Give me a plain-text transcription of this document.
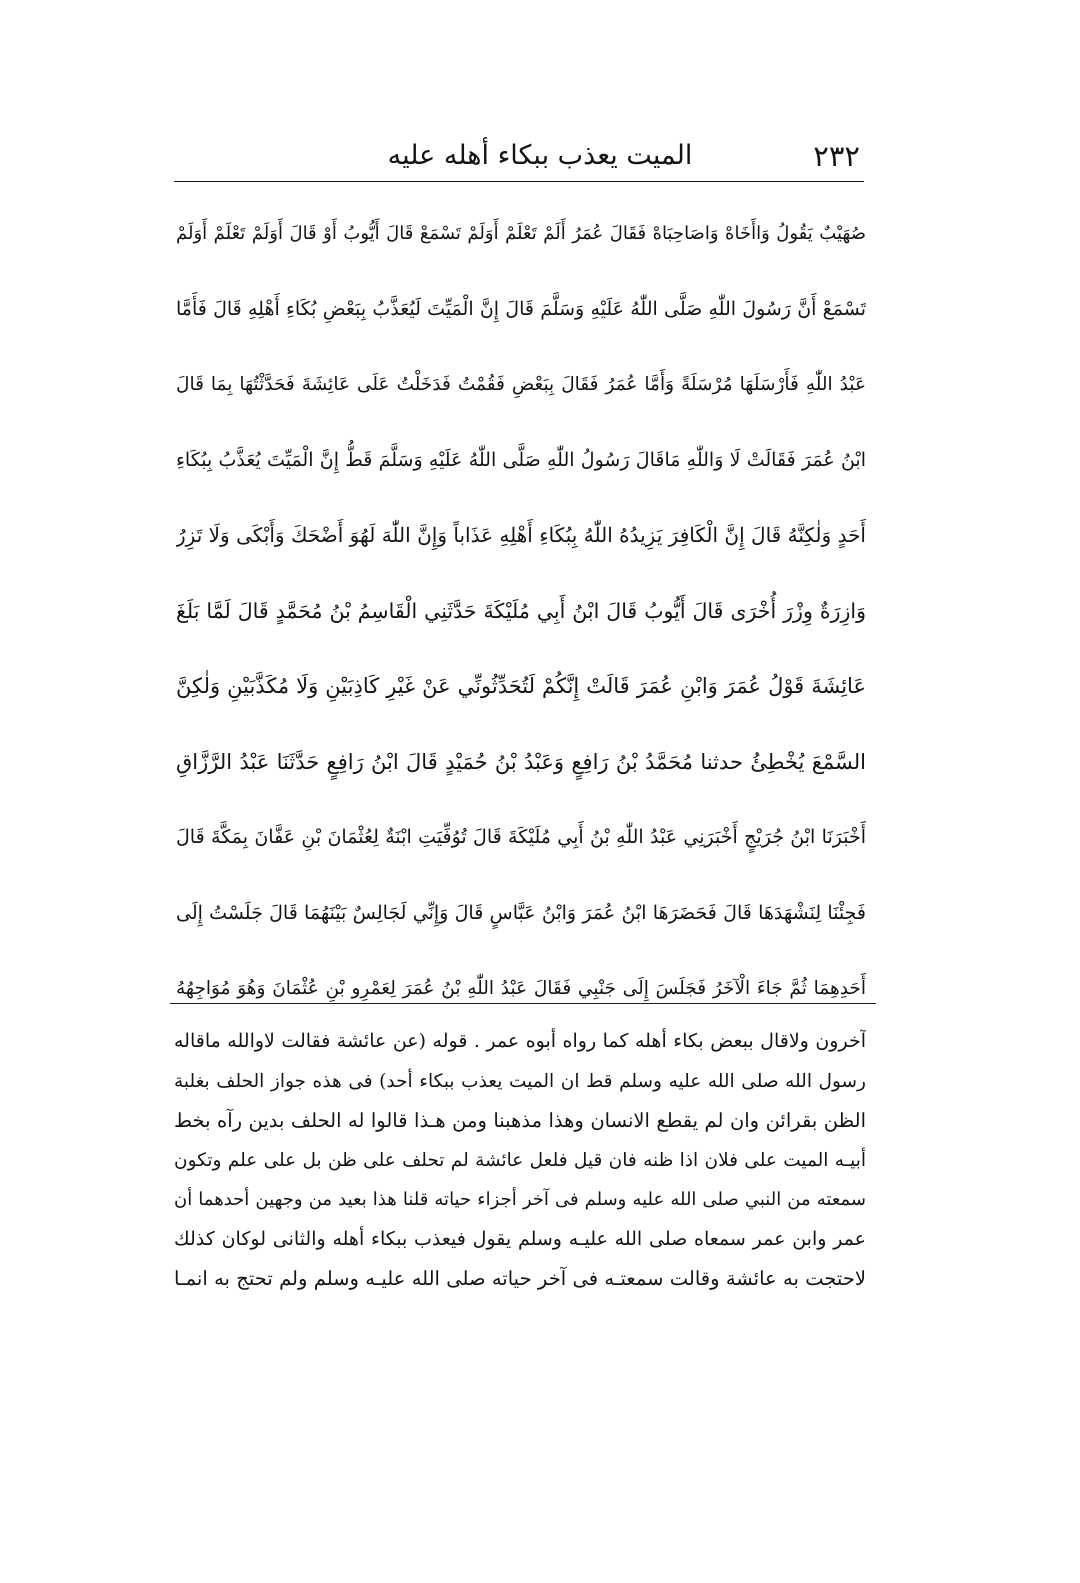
٢٣٢
الميت يعذب ببكاء أهله عليه
صُهَيْبٌ يَقُولُ وَاأَخَاهْ وَاصَاحِبَاهْ فَقَالَ عُمَرُ أَلَمْ تَعْلَمْ أَوَلَمْ تَسْمَعْ قَالَ أَيُّوبُ أَوْ قَالَ أَوَلَمْ تَعْلَمْ أَوَلَمْ
تَسْمَعْ أَنَّ رَسُولَ اللّٰهِ صَلَّى اللّٰهُ عَلَيْهِ وَسَلَّمَ قَالَ إِنَّ الْمَيِّتَ لَيُعَذَّبُ بِبَعْضِ بُكَاءِ أَهْلِهِ قَالَ فَأَمَّا
عَبْدُ اللّٰهِ فَأَرْسَلَهَا مُرْسَلَةً وَأَمَّا عُمَرُ فَقَالَ بِبَعْضِ فَقُمْتُ فَدَخَلْتُ عَلَى عَائِشَةَ فَحَدَّثْتُهَا بِمَا قَالَ
ابْنُ عُمَرَ فَقَالَتْ لَا وَاللّٰهِ مَاقَالَ رَسُولُ اللّٰهِ صَلَّى اللّٰهُ عَلَيْهِ وَسَلَّمَ قَطُّ إِنَّ الْمَيِّتَ يُعَذَّبُ بِبُكَاءِ
أَحَدٍ وَلٰكِنَّهُ قَالَ إِنَّ الْكَافِرَ يَزِيدُهُ اللّٰهُ بِبُكَاءِ أَهْلِهِ عَذَاباً وَإِنَّ اللّٰهَ لَهُوَ أَضْحَكَ وَأَبْكَى وَلَا تَزِرُ
وَازِرَةٌ وِزْرَ أُخْرَى قَالَ أَيُّوبُ قَالَ ابْنُ أَبِي مُلَيْكَةَ حَدَّثَنِي الْقَاسِمُ بْنُ مُحَمَّدٍ قَالَ لَمَّا بَلَغَ
عَائِشَةَ قَوْلُ عُمَرَ وَابْنِ عُمَرَ قَالَتْ إِنَّكُمْ لَتُحَدِّثُونِّي عَنْ غَيْرِ كَاذِبَيْنِ وَلَا مُكَذَّبَيْنِ وَلٰكِنَّ
السَّمْعَ يُخْطِئُ حدثنا مُحَمَّدُ بْنُ رَافِعٍ وَعَبْدُ بْنُ حُمَيْدٍ قَالَ ابْنُ رَافِعٍ حَدَّثَنَا عَبْدُ الرَّزَّاقِ
أَخْبَرَنَا ابْنُ جُرَيْجٍ أَخْبَرَنِي عَبْدُ اللّٰهِ بْنُ أَبِي مُلَيْكَةَ قَالَ تُوُفِّيَتِ ابْنَةٌ لِعُثْمَانَ بْنِ عَفَّانَ بِمَكَّةَ قَالَ
فَجِئْنَا لِنَشْهَدَهَا قَالَ فَحَضَرَهَا ابْنُ عُمَرَ وَابْنُ عَبَّاسٍ قَالَ وَإِنِّي لَجَالِسٌ بَيْنَهُمَا قَالَ جَلَسْتُ إِلَى
أَحَدِهِمَا ثُمَّ جَاءَ الْآخَرُ فَجَلَسَ إِلَى جَنْبِي فَقَالَ عَبْدُ اللّٰهِ بْنُ عُمَرَ لِعَمْرِو بْنِ عُثْمَانَ وَهُوَ مُوَاجِهُهُ
آخرون ولاقال ببعض بكاء أهله كما رواه أبوه عمر . قوله (عن عائشة فقالت لاوالله ماقاله
رسول الله صلى الله عليه وسلم قط ان الميت يعذب ببكاء أحد) فى هذه جواز الحلف بغلبة
الظن بقرائن وان لم يقطع الانسان وهذا مذهبنا ومن هـذا قالوا له الحلف بدين رآه بخط
أبيـه الميت على فلان اذا ظنه فان قيل فلعل عائشة لم تحلف على ظن بل على علم وتكون
سمعته من النبي صلى الله عليه وسلم فى آخر أجزاء حياته قلنا هذا بعيد من وجهين أحدهما أن
عمر وابن عمر سمعاه صلى الله عليـه وسلم يقول فيعذب ببكاء أهله والثانى لوكان كذلك
لاحتجت به عائشة وقالت سمعتـه فى آخر حياته صلى الله عليـه وسلم ولم تحتج به انمـا
